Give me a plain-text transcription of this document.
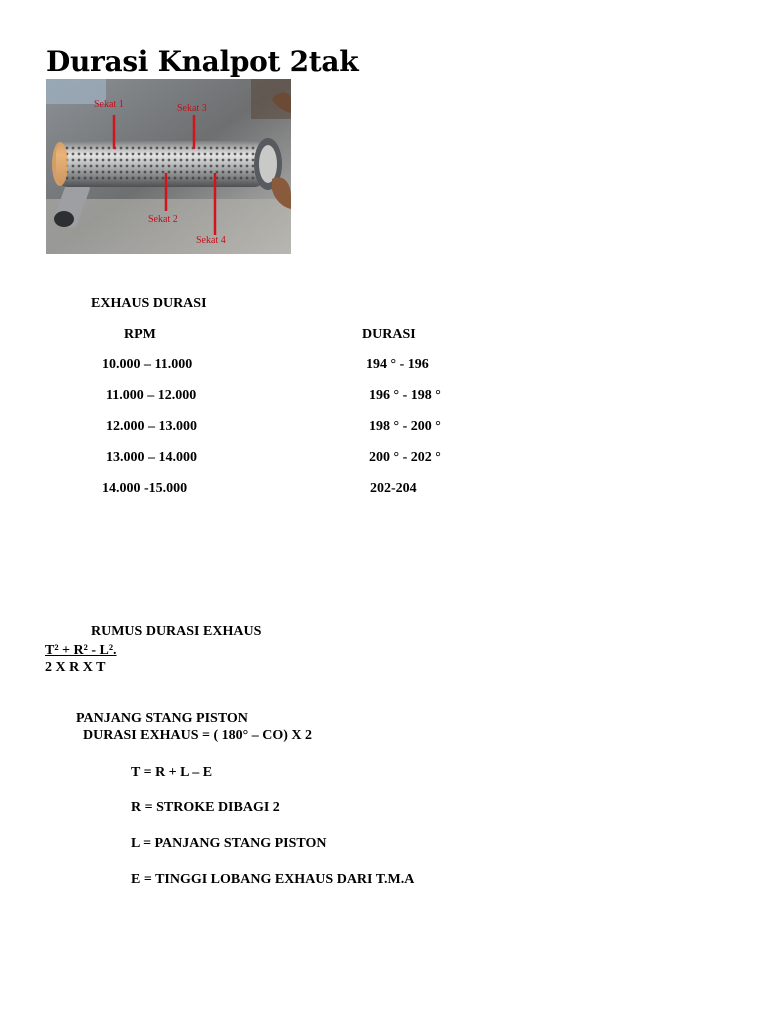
Durasi Knalpot 2tak
Sekat 1	Sekat 3
Sekat 2
Sekat 4
EXHAUS DURASI
RPM	DURASI
10.000 – 11.000	194 ° - 196
11.000 – 12.000	196 ° - 198 °
12.000 – 13.000	198 ° - 200 °
13.000 – 14.000	200 ° - 202 °
14.000 -15.000	202-204
RUMUS DURASI EXHAUS
T² + R² - L².
2 X R X T
PANJANG STANG PISTON
DURASI EXHAUS = ( 180° – CO) X 2
T = R + L – E
R = STROKE DIBAGI 2
L = PANJANG STANG PISTON
E = TINGGI LOBANG EXHAUS DARI T.M.A
